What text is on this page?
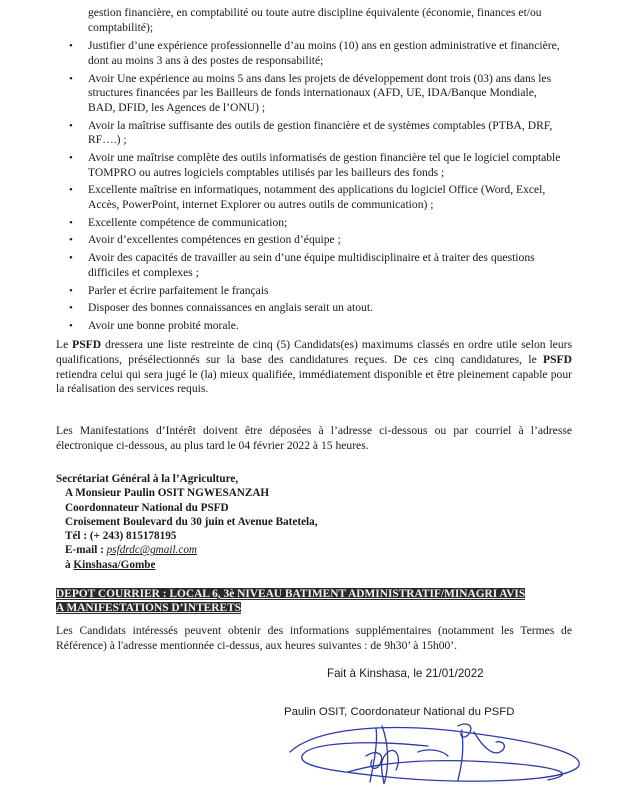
gestion financière, en comptabilité ou toute autre discipline équivalente (économie, finances et/ou comptabilité);
• Justifier d’une expérience professionnelle d’au moins (10) ans en gestion administrative et financière, dont au moins 3 ans à des postes de responsabilité;
• Avoir Une expérience au moins 5 ans dans les projets de développement dont trois (03) ans dans les structures financées par les Bailleurs de fonds internationaux (AFD, UE, IDA/Banque Mondiale, BAD, DFID, les Agences de l’ONU) ;
• Avoir la maîtrise suffisante des outils de gestion financière et de systèmes comptables (PTBA, DRF, RF….) ;
• Avoir une maîtrise complète des outils informatisés de gestion financière tel que le logiciel comptable TOMPRO ou autres logiciels comptables utilisés par les bailleurs des fonds ;
• Excellente maîtrise en informatiques, notamment des applications du logiciel Office (Word, Excel, Accès, PowerPoint, internet Explorer ou autres outils de communication) ;
• Excellente compétence de communication;
• Avoir d’excellentes compétences en gestion d’équipe ;
• Avoir des capacités de travailler au sein d’une équipe multidisciplinaire et à traiter des questions difficiles et complexes ;
• Parler et écrire parfaitement le français
• Disposer des bonnes connaissances en anglais serait un atout.
• Avoir une bonne probité morale.

Le PSFD dressera une liste restreinte de cinq (5) Candidats(es) maximums classés en ordre utile selon leurs qualifications, présélectionnés sur la base des candidatures reçues. De ces cinq candidatures, le PSFD retiendra celui qui sera jugé le (la) mieux qualifiée, immédiatement disponible et être pleinement capable pour la réalisation des services requis.

Les Manifestations d’Intérêt doivent être déposées à l’adresse ci-dessous ou par courriel à l’adresse électronique ci-dessous, au plus tard le 04 février 2022 à 15 heures.

Secrétariat Général à la l’Agriculture,
A Monsieur Paulin OSIT NGWESANZAH
Coordonnateur National du PSFD
Croisement Boulevard du 30 juin et Avenue Batetela,
Tél : (+ 243) 815178195
E-mail : psfdrdc@gmail.com
à Kinshasa/Gombe
DEPOT COURRIER : LOCAL 6, 3è NIVEAU BATIMENT ADMINISTRATIF/MINAGRI AVIS
A MANIFESTATIONS D’INTERETS

Les Candidats intéressés peuvent obtenir des informations supplémentaires (notamment les Termes de Référence) à l'adresse mentionnée ci-dessus, aux heures suivantes : de 9h30’ à 15h00’.

Fait à Kinshasa, le 21/01/2022
Paulin OSIT, Coordonateur National du PSFD
